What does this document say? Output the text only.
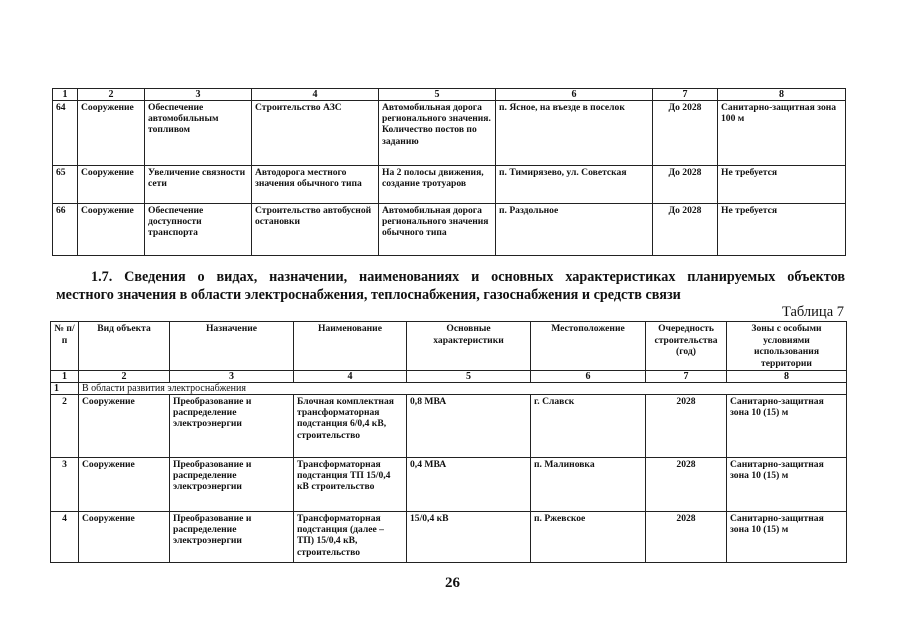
1	2	3	4	5	6	7	8
64	Сооружение	Обеспечение автомобильным топливом	Строительство АЗС	Автомобильная дорога регионального значения. Количество постов по заданию	п. Ясное, на въезде в поселок	До 2028	Санитарно-защитная зона 100 м
65	Сооружение	Увеличение связности сети	Автодорога местного значения обычного типа	На 2 полосы движения, создание тротуаров	п. Тимирязево, ул. Советская	До 2028	Не требуется
66	Сооружение	Обеспечение доступности транспорта	Строительство автобусной остановки	Автомобильная дорога регионального значения обычного типа	п. Раздольное	До 2028	Не требуется
1.7. Сведения о видах, назначении, наименованиях и основных характеристиках планируемых объектов
местного значения в области электроснабжения, теплоснабжения, газоснабжения и средств связи
Таблица 7
№ п/п	Вид объекта	Назначение	Наименование	Основные характеристики	Местоположение	Очередность строительства (год)	Зоны с особыми условиями использования территории
1	2	3	4	5	6	7	8
1	В области развития электроснабжения						
2	Сооружение	Преобразование и распределение электроэнергии	Блочная комплектная трансформаторная подстанция 6/0,4 кВ, строительство	0,8 МВА	г. Славск	2028	Санитарно-защитная зона 10 (15) м
3	Сооружение	Преобразование и распределение электроэнергии	Трансформаторная подстанция ТП 15/0,4 кВ строительство	0,4 МВА	п. Малиновка	2028	Санитарно-защитная зона 10 (15) м
4	Сооружение	Преобразование и распределение электроэнергии	Трансформаторная подстанция (далее – ТП) 15/0,4 кВ, строительство	15/0,4 кВ	п. Ржевское	2028	Санитарно-защитная зона 10 (15) м
26
